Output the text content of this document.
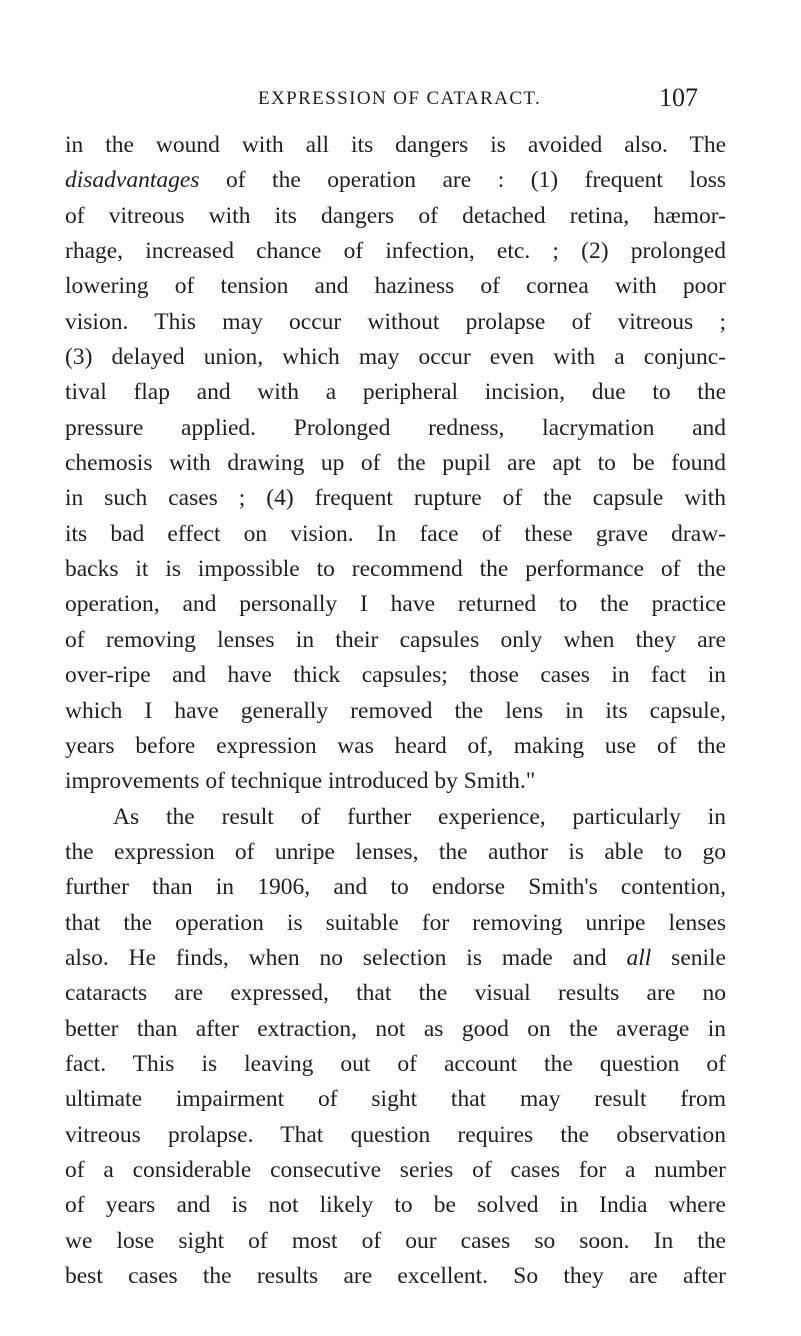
EXPRESSION OF CATARACT.	107
in the wound with all its dangers is avoided also. The
disadvantages of the operation are : (1) frequent loss
of vitreous with its dangers of detached retina, hæmor-
rhage, increased chance of infection, etc. ; (2) prolonged
lowering of tension and haziness of cornea with poor
vision. This may occur without prolapse of vitreous ;
(3) delayed union, which may occur even with a conjunc-
tival flap and with a peripheral incision, due to the
pressure applied. Prolonged redness, lacrymation and
chemosis with drawing up of the pupil are apt to be found
in such cases ; (4) frequent rupture of the capsule with
its bad effect on vision. In face of these grave draw-
backs it is impossible to recommend the performance of the
operation, and personally I have returned to the practice
of removing lenses in their capsules only when they are
over-ripe and have thick capsules; those cases in fact in
which I have generally removed the lens in its capsule,
years before expression was heard of, making use of the
improvements of technique introduced by Smith."
As the result of further experience, particularly in
the expression of unripe lenses, the author is able to go
further than in 1906, and to endorse Smith's contention,
that the operation is suitable for removing unripe lenses
also. He finds, when no selection is made and all senile
cataracts are expressed, that the visual results are no
better than after extraction, not as good on the average in
fact. This is leaving out of account the question of
ultimate impairment of sight that may result from
vitreous prolapse. That question requires the observation
of a considerable consecutive series of cases for a number
of years and is not likely to be solved in India where
we lose sight of most of our cases so soon. In the
best cases the results are excellent. So they are after
